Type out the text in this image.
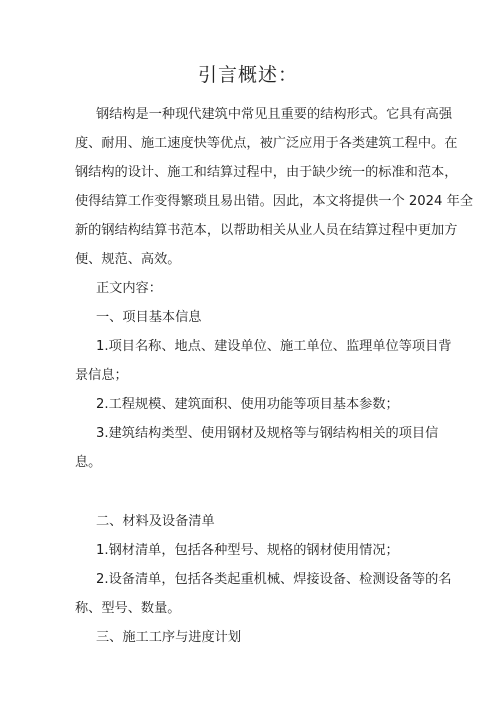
引言概述：
钢结构是一种现代建筑中常见且重要的结构形式。它具有高强
度、耐用、施工速度快等优点，被广泛应用于各类建筑工程中。在
钢结构的设计、施工和结算过程中，由于缺少统一的标准和范本，
使得结算工作变得繁琐且易出错。因此，本文将提供一个 2024 年全
新的钢结构结算书范本，以帮助相关从业人员在结算过程中更加方
便、规范、高效。
正文内容：
一、项目基本信息
1.项目名称、地点、建设单位、施工单位、监理单位等项目背
景信息；
2.工程规模、建筑面积、使用功能等项目基本参数；
3.建筑结构类型、使用钢材及规格等与钢结构相关的项目信
息。
二、材料及设备清单
1.钢材清单，包括各种型号、规格的钢材使用情况；
2.设备清单，包括各类起重机械、焊接设备、检测设备等的名
称、型号、数量。
三、施工工序与进度计划
